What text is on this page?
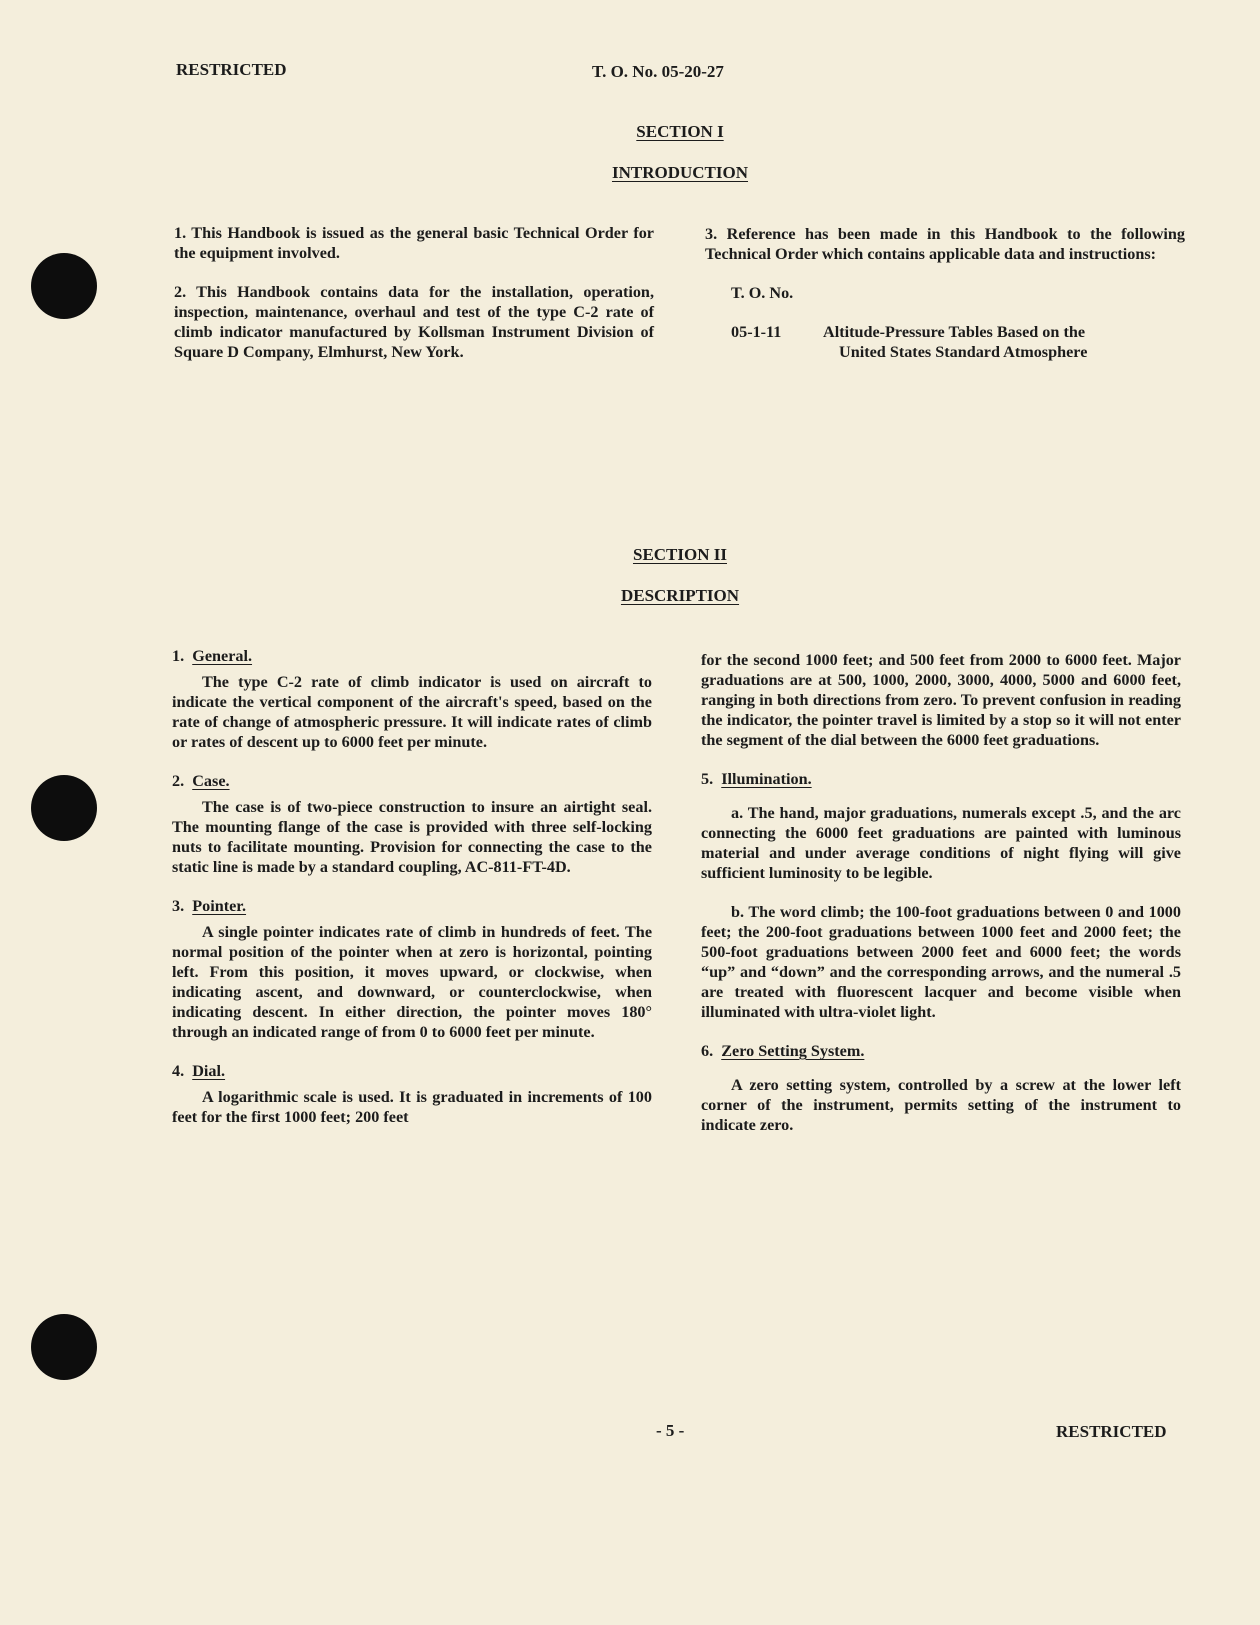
RESTRICTED	T. O. No. 05-20-27
SECTION I
INTRODUCTION

1. This Handbook is issued as the general basic Technical Order for the equipment involved.

2. This Handbook contains data for the installation, operation, inspection, maintenance, overhaul and test of the type C-2 rate of climb indicator manufactured by Kollsman Instrument Division of Square D Company, Elmhurst, New York.

3. Reference has been made in this Handbook to the following Technical Order which contains applicable data and instructions:

T. O. No.

05-1-11	Altitude-Pressure Tables Based on the
United States Standard Atmosphere
SECTION II
DESCRIPTION
1. General.

The type C-2 rate of climb indicator is used on aircraft to indicate the vertical component of the aircraft's speed, based on the rate of change of atmospheric pressure. It will indicate rates of climb or rates of descent up to 6000 feet per minute.

2. Case.

The case is of two-piece construction to insure an airtight seal. The mounting flange of the case is provided with three self-locking nuts to facilitate mounting. Provision for connecting the case to the static line is made by a standard coupling, AC-811-FT-4D.

3. Pointer.

A single pointer indicates rate of climb in hundreds of feet. The normal position of the pointer when at zero is horizontal, pointing left. From this position, it moves upward, or clockwise, when indicating ascent, and downward, or counterclockwise, when indicating descent. In either direction, the pointer moves 180° through an indicated range of from 0 to 6000 feet per minute.

4. Dial.

A logarithmic scale is used. It is graduated in increments of 100 feet for the first 1000 feet; 200 feet

for the second 1000 feet; and 500 feet from 2000 to 6000 feet. Major graduations are at 500, 1000, 2000, 3000, 4000, 5000 and 6000 feet, ranging in both directions from zero. To prevent confusion in reading the indicator, the pointer travel is limited by a stop so it will not enter the segment of the dial between the 6000 feet graduations.

5. Illumination.

a. The hand, major graduations, numerals except .5, and the arc connecting the 6000 feet graduations are painted with luminous material and under average conditions of night flying will give sufficient luminosity to be legible.

b. The word climb; the 100-foot graduations between 0 and 1000 feet; the 200-foot graduations between 1000 feet and 2000 feet; the 500-foot graduations between 2000 feet and 6000 feet; the words “up” and “down” and the corresponding arrows, and the numeral .5 are treated with fluorescent lacquer and become visible when illuminated with ultra-violet light.

6. Zero Setting System.

A zero setting system, controlled by a screw at the lower left corner of the instrument, permits setting of the instrument to indicate zero.

- 5 -	RESTRICTED
